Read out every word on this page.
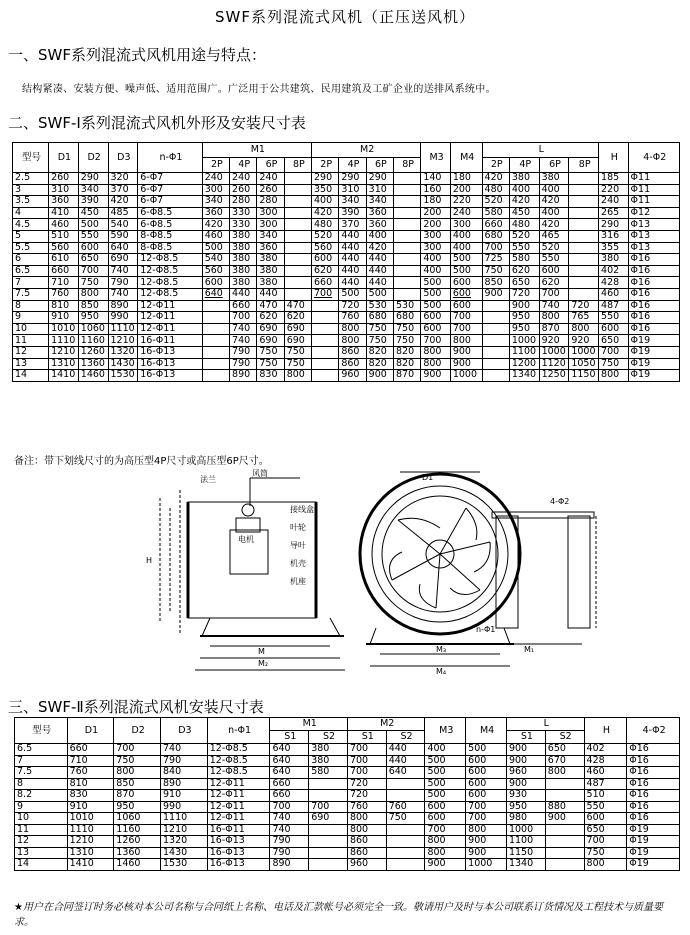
SWF系列混流式风机（正压送风机）
一、SWF系列混流式风机用途与特点：
结构紧凑、安装方便、噪声低、适用范围广。广泛用于公共建筑、民用建筑及工矿企业的送排风系统中。
二、SWF-Ⅰ系列混流式风机外形及安装尺寸表
型号	D1	D2	D3	n-Φ1	M1				M2				M3	M4	L				H	4-Φ2
					2P	4P	6P	8P	2P	4P	6P	8P			2P	4P	6P	8P		
2.5	260	290	320	6-Φ7	240	240	240		290	290	290		140	180	420	380	380		185	Φ11
3	310	340	370	6-Φ7	300	260	260		350	310	310		160	200	480	400	400		220	Φ11
3.5	360	390	420	6-Φ7	340	280	280		400	340	340		180	220	520	420	420		240	Φ11
4	410	450	485	6-Φ8.5	360	330	300		420	390	360		200	240	580	450	400		265	Φ12
4.5	460	500	540	6-Φ8.5	420	330	300		480	370	360		200	300	660	480	420		290	Φ13
5	510	550	590	8-Φ8.5	460	380	340		520	440	400		300	400	680	520	465		316	Φ13
5.5	560	600	640	8-Φ8.5	500	380	360		560	440	420		300	400	700	550	520		355	Φ13
6	610	650	690	12-Φ8.5	540	380	380		600	440	440		400	500	725	580	550		380	Φ16
6.5	660	700	740	12-Φ8.5	560	380	380		620	440	440		400	500	750	620	600		402	Φ16
7	710	750	790	12-Φ8.5	600	380	380		660	440	440		500	600	850	650	620		428	Φ16
7.5	760	800	740	12-Φ8.5	640	440	440		700	500	500		500	600	900	720	700		460	Φ16
8	810	850	890	12-Φ11		660	470	470		720	530	530	500	600		900	740	720	487	Φ16
9	910	950	990	12-Φ11		700	620	620		760	680	680	600	700		950	800	765	550	Φ16
10	1010	1060	1110	12-Φ11		740	690	690		800	750	750	600	700		950	870	800	600	Φ16
11	1110	1160	1210	16-Φ11		740	690	690		800	750	750	700	800		1000	920	920	650	Φ19
12	1210	1260	1320	16-Φ13		790	750	750		860	820	820	800	900		1100	1000	1000	700	Φ19
13	1310	1360	1430	16-Φ13		790	750	750		860	820	820	800	900		1200	1120	1050	750	Φ19
14	1410	1460	1530	16-Φ13		890	830	800		960	900	870	900	1000		1340	1250	1150	800	Φ19
备注：带下划线尺寸的为高压型4P尺寸或高压型6P尺寸。
法兰
风筒
电机
叶轮
导叶
接线盒
机壳
机座
M
M₂
H
M₃
M₄
M₁
4-Φ2
n-Φ1
D1
三、SWF-Ⅱ系列混流式风机安装尺寸表
型号	D1	D2	D3	n-Φ1	M1		M2		M3	M4	L		H	4-Φ2
					S1	S2	S1	S2			S1	S2		
6.5	660	700	740	12-Φ8.5	640	380	700	440	400	500	900	650	402	Φ16
7	710	750	790	12-Φ8.5	640	380	700	440	500	600	900	670	428	Φ16
7.5	760	800	840	12-Φ8.5	640	580	700	640	500	600	960	800	460	Φ16
8	810	850	890	12-Φ11	660		720		500	600	900		487	Φ16
8.2	830	870	910	12-Φ11	660		720		500	600	930		510	Φ16
9	910	950	990	12-Φ11	700	700	760	760	600	700	950	880	550	Φ16
10	1010	1060	1110	12-Φ11	740	690	800	750	600	700	980	900	600	Φ16
11	1110	1160	1210	16-Φ11	740		800		700	800	1000		650	Φ19
12	1210	1260	1320	16-Φ13	790		860		800	900	1100		700	Φ19
13	1310	1360	1430	16-Φ13	790		860		800	900	1150		750	Φ19
14	1410	1460	1530	16-Φ13	890		960		900	1000	1340		800	Φ19
★用户在合同签订时务必核对本公司名称与合同纸上名称、电话及汇款帐号必须完全一致。敬请用户及时与本公司联系订货情况及工程技术与质量要求。
